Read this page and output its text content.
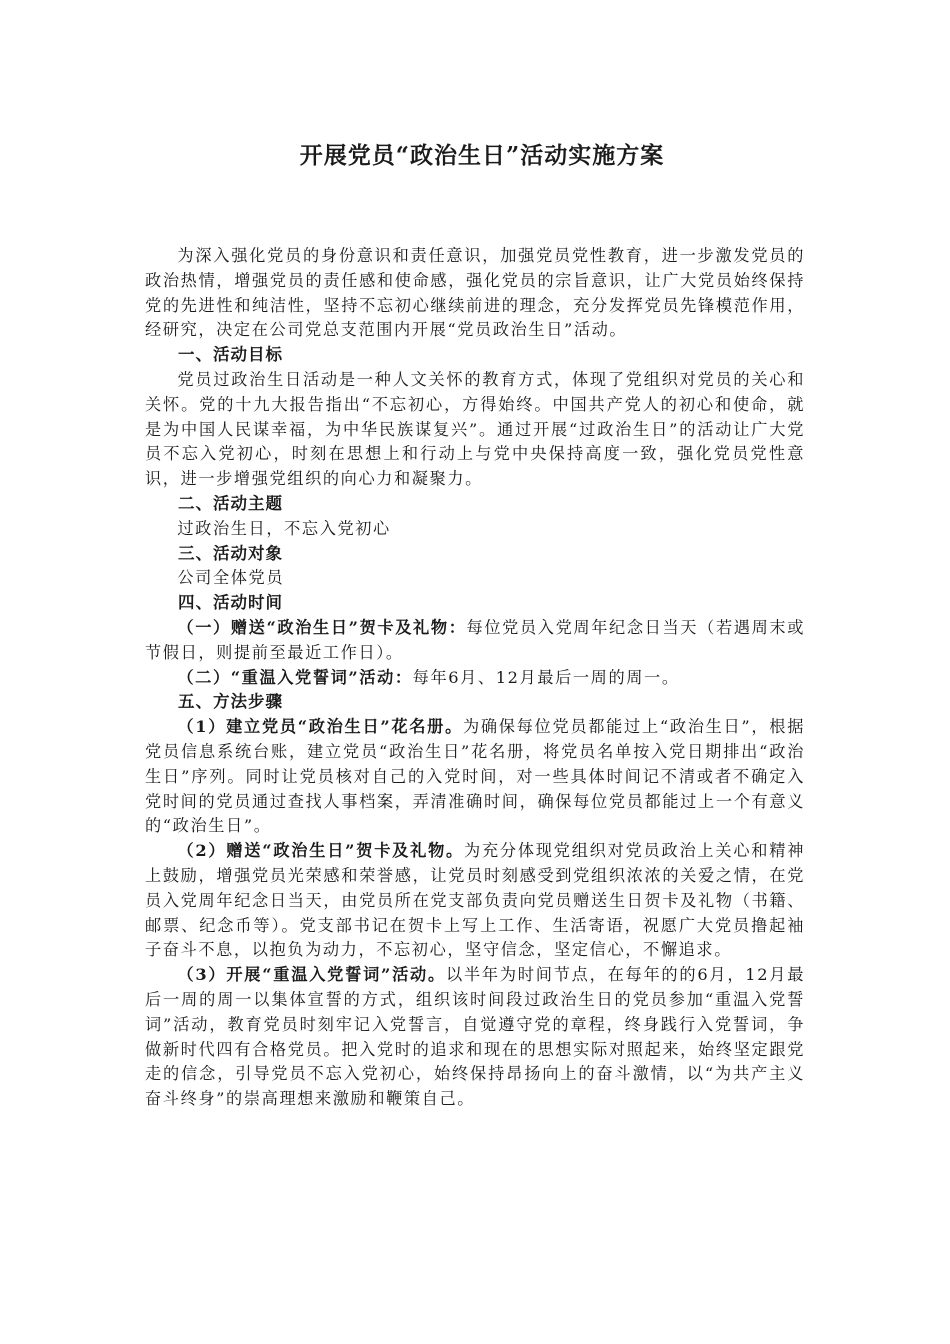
开展党员“政治生日”活动实施方案

为深入强化党员的身份意识和责任意识，加强党员党性教育，进一步激发党员的政治热情，增强党员的责任感和使命感，强化党员的宗旨意识，让广大党员始终保持党的先进性和纯洁性，坚持不忘初心继续前进的理念，充分发挥党员先锋模范作用，经研究，决定在公司党总支范围内开展“党员政治生日”活动。

一、活动目标

党员过政治生日活动是一种人文关怀的教育方式，体现了党组织对党员的关心和关怀。党的十九大报告指出“不忘初心，方得始终。中国共产党人的初心和使命，就是为中国人民谋幸福，为中华民族谋复兴”。通过开展“过政治生日”的活动让广大党员不忘入党初心，时刻在思想上和行动上与党中央保持高度一致，强化党员党性意识，进一步增强党组织的向心力和凝聚力。

二、活动主题

过政治生日，不忘入党初心

三、活动对象

公司全体党员

四、活动时间

（一）赠送“政治生日”贺卡及礼物：每位党员入党周年纪念日当天（若遇周末或节假日，则提前至最近工作日）。

（二）“重温入党誓词”活动：每年6月、12月最后一周的周一。

五、方法步骤

（1）建立党员“政治生日”花名册。为确保每位党员都能过上“政治生日”，根据党员信息系统台账，建立党员“政治生日”花名册，将党员名单按入党日期排出“政治生日”序列。同时让党员核对自己的入党时间，对一些具体时间记不清或者不确定入党时间的党员通过查找人事档案，弄清准确时间，确保每位党员都能过上一个有意义的“政治生日”。

（2）赠送“政治生日”贺卡及礼物。为充分体现党组织对党员政治上关心和精神上鼓励，增强党员光荣感和荣誉感，让党员时刻感受到党组织浓浓的关爱之情，在党员入党周年纪念日当天，由党员所在党支部负责向党员赠送生日贺卡及礼物（书籍、邮票、纪念币等）。党支部书记在贺卡上写上工作、生活寄语，祝愿广大党员撸起袖子奋斗不息，以抱负为动力，不忘初心，坚守信念，坚定信心，不懈追求。

（3）开展“重温入党誓词”活动。以半年为时间节点，在每年的的6月，12月最后一周的周一以集体宣誓的方式，组织该时间段过政治生日的党员参加“重温入党誓词”活动，教育党员时刻牢记入党誓言，自觉遵守党的章程，终身践行入党誓词，争做新时代四有合格党员。把入党时的追求和现在的思想实际对照起来，始终坚定跟党走的信念，引导党员不忘入党初心，始终保持昂扬向上的奋斗激情，以“为共产主义奋斗终身”的崇高理想来激励和鞭策自己。
